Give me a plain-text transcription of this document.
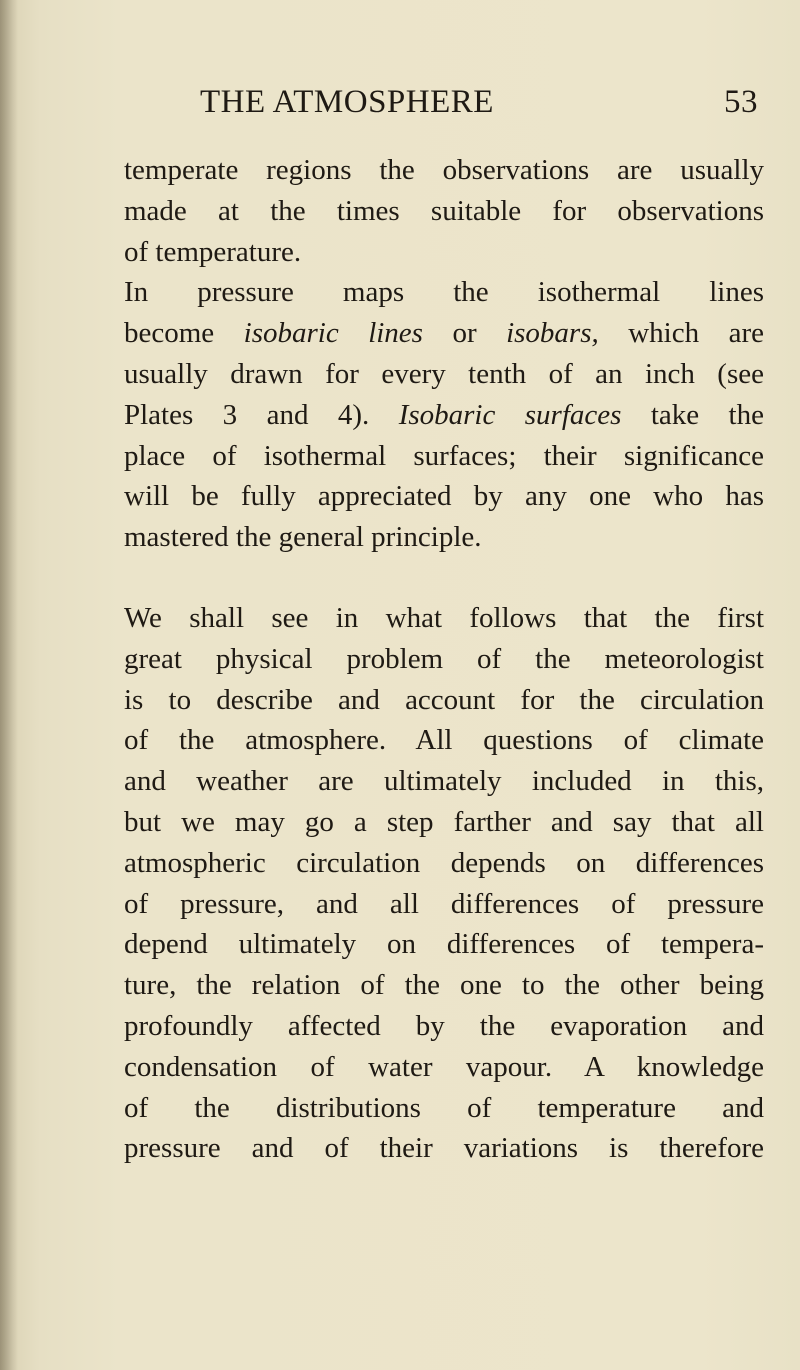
THE ATMOSPHERE	53
temperate regions the observations are usually
made at the times suitable for observations
of temperature.
In pressure maps the isothermal lines
become isobaric lines or isobars, which are
usually drawn for every tenth of an inch (see
Plates 3 and 4). Isobaric surfaces take the
place of isothermal surfaces; their significance
will be fully appreciated by any one who has
mastered the general principle.
We shall see in what follows that the first
great physical problem of the meteorologist
is to describe and account for the circulation
of the atmosphere. All questions of climate
and weather are ultimately included in this,
but we may go a step farther and say that all
atmospheric circulation depends on differences
of pressure, and all differences of pressure
depend ultimately on differences of tempera-
ture, the relation of the one to the other being
profoundly affected by the evaporation and
condensation of water vapour. A knowledge
of the distributions of temperature and
pressure and of their variations is therefore
